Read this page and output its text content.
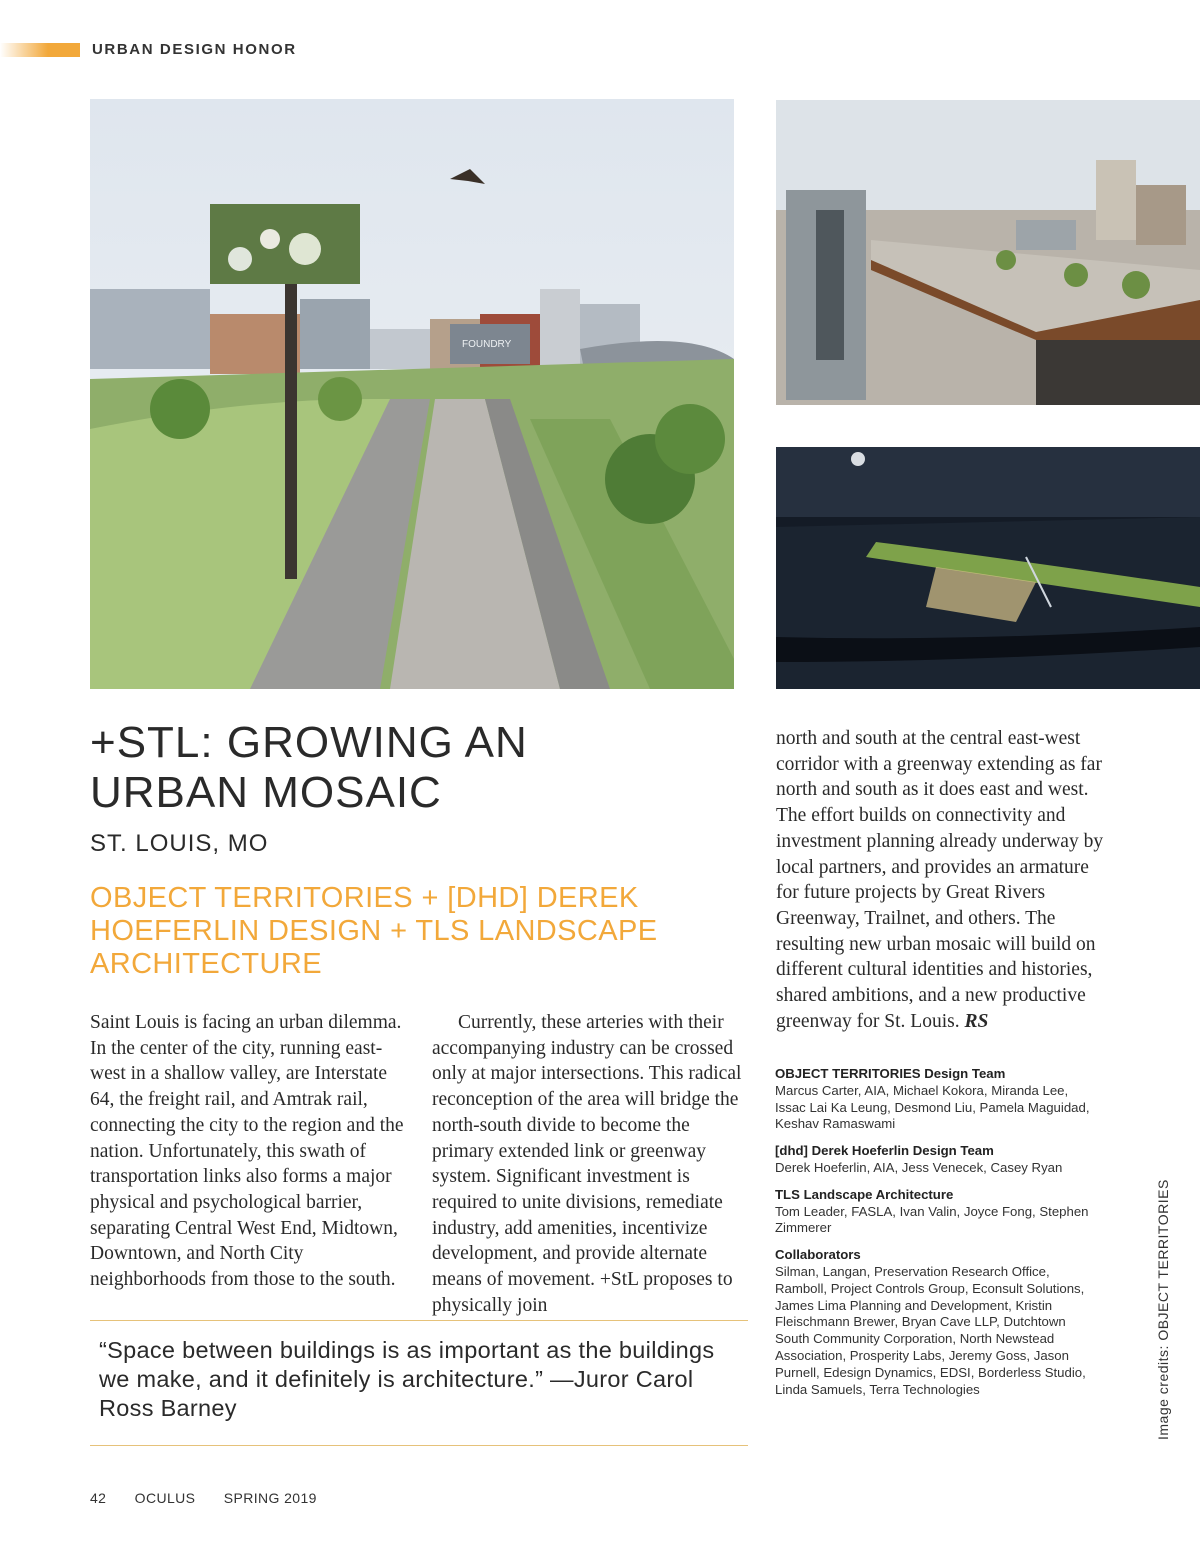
URBAN DESIGN HONOR
FOUNDRY
+STL: GROWING AN
URBAN MOSAIC
ST. LOUIS, MO
OBJECT TERRITORIES + [DHD] DEREK HOEFERLIN DESIGN + TLS LANDSCAPE ARCHITECTURE

Saint Louis is facing an urban dilemma. In the center of the city, running east-west in a shallow valley, are Interstate 64, the freight rail, and Amtrak rail, connecting the city to the region and the nation. Unfortunately, this swath of transportation links also forms a major physical and psychological barrier, separating Central West End, Midtown, Downtown, and North City neighborhoods from those to the south.

Currently, these arteries with their accompanying industry can be crossed only at major intersections. This radical reconception of the area will bridge the north-south divide to become the primary extended link or greenway system. Significant investment is required to unite divisions, remediate industry, add amenities, incentivize development, and provide alternate means of movement. +StL proposes to physically join

north and south at the central east-west corridor with a greenway extending as far north and south as it does east and west. The effort builds on connectivity and investment planning already underway by local partners, and provides an armature for future projects by Great Rivers Greenway, Trailnet, and others. The resulting new urban mosaic will build on different cultural identities and histories, shared ambitions, and a new productive greenway for St. Louis. RS

“Space between buildings is as important as the buildings we make, and it definitely is architecture.” —Juror Carol Ross Barney
OBJECT TERRITORIES Design Team
Marcus Carter, AIA, Michael Kokora, Miranda Lee, Issac Lai Ka Leung, Desmond Liu, Pamela Maguidad, Keshav Ramaswami
[dhd] Derek Hoeferlin Design Team
Derek Hoeferlin, AIA, Jess Venecek, Casey Ryan
TLS Landscape Architecture
Tom Leader, FASLA, Ivan Valin, Joyce Fong, Stephen Zimmerer
Collaborators
Silman, Langan, Preservation Research Office, Ramboll, Project Controls Group, Econsult Solutions, James Lima Planning and Development, Kristin Fleischmann Brewer, Bryan Cave LLP, Dutchtown South Community Corporation, North Newstead Association, Prosperity Labs, Jeremy Goss, Jason Purnell, Edesign Dynamics, EDSI, Borderless Studio, Linda Samuels, Terra Technologies	Image credits: OBJECT TERRITORIES
42 OCULUS SPRING 2019
